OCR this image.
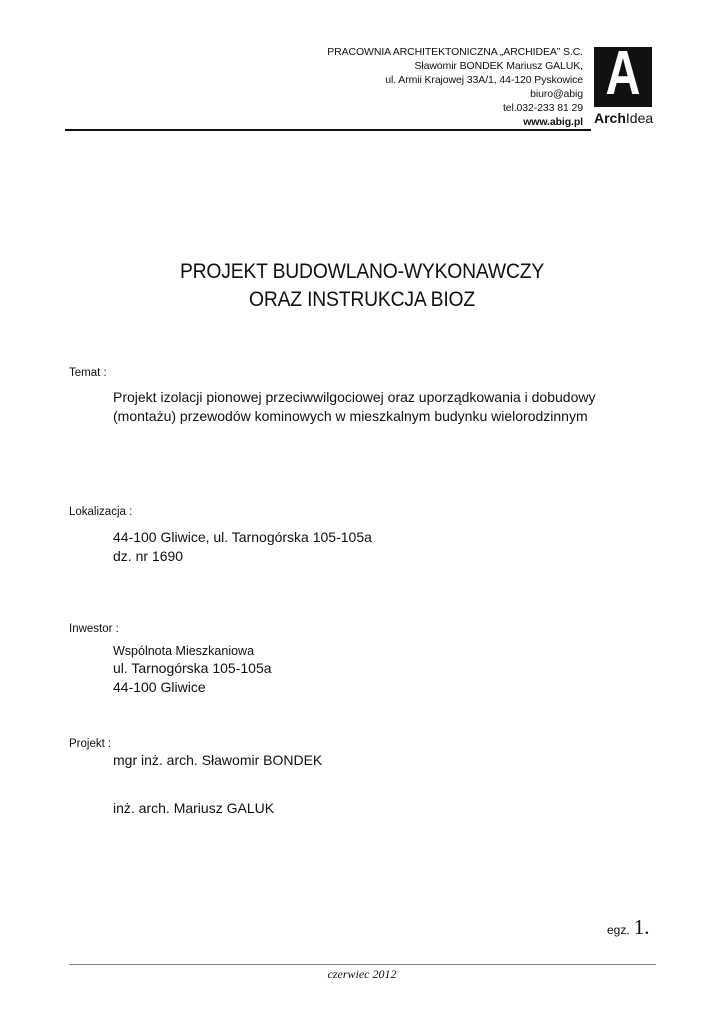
PRACOWNIA ARCHITEKTONICZNA „ARCHIDEA” S.C.
Sławomir BONDEK Mariusz GALUK,
ul. Armii Krajowej 33A/1, 44-120 Pyskowice
biuro@abig
tel.032-233 81 29
www.abig.pl
A
ArchIdea
PROJEKT BUDOWLANO-WYKONAWCZY
ORAZ INSTRUKCJA BIOZ
Temat :
Projekt izolacji pionowej przeciwwilgociowej oraz uporządkowania i dobudowy
(montażu) przewodów kominowych w mieszkalnym budynku wielorodzinnym
Lokalizacja :
44-100 Gliwice, ul. Tarnogórska 105-105a
dz. nr 1690
Inwestor :
Wspólnota Mieszkaniowa
ul. Tarnogórska 105-105a
44-100 Gliwice
Projekt :
mgr inż. arch. Sławomir BONDEK
inż. arch. Mariusz GALUK
egz. 1.
czerwiec 2012
